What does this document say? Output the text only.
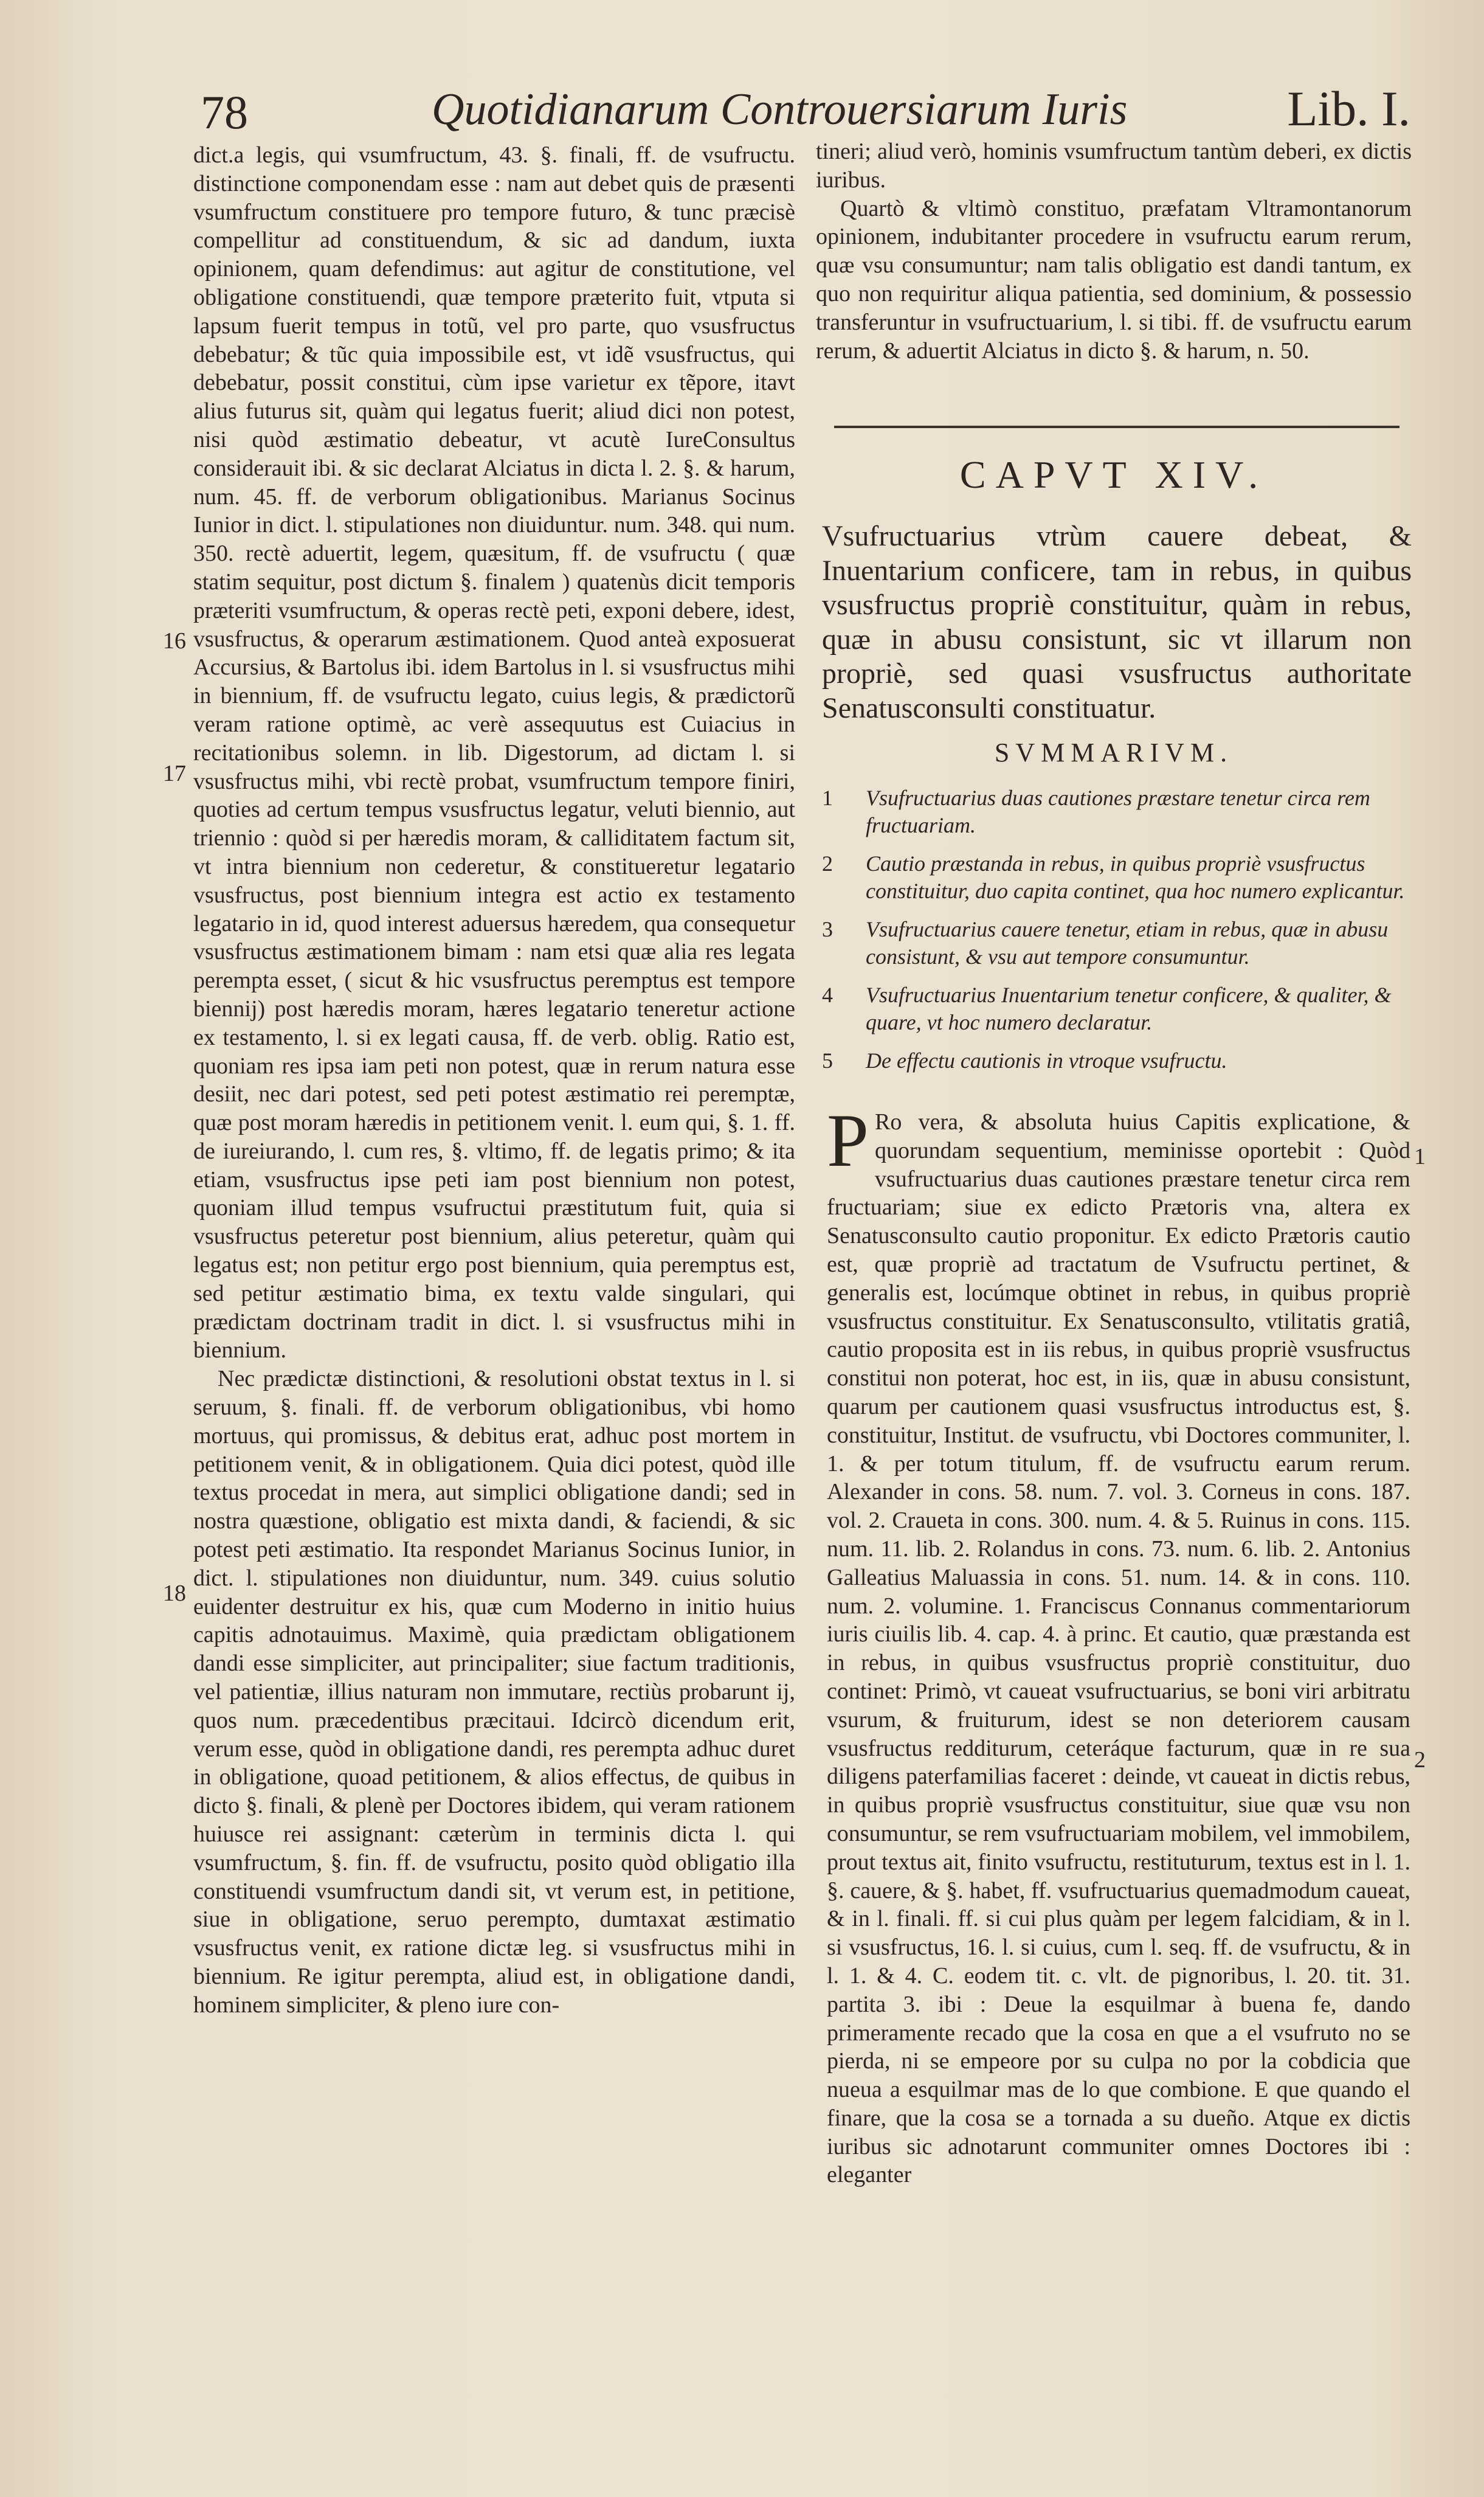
78	Quotidianarum Controuersiarum Iuris	Lib. I.

dict.a legis, qui vsumfructum, 43. §. finali, ff. de vsufructu. distinctione componendam esse : nam aut debet quis de præsenti vsumfructum constituere pro tempore futuro, & tunc præcisè compellitur ad constituendum, & sic ad dandum, iuxta opinionem, quam defendimus: aut agitur de constitutione, vel obligatione constituendi, quæ tempore præterito fuit, vtputa si lapsum fuerit tempus in totũ, vel pro parte, quo vsusfructus debebatur; & tũc quia impossibile est, vt idẽ vsusfructus, qui debebatur, possit constitui, cùm ipse varietur ex tẽpore, itavt alius futurus sit, quàm qui legatus fuerit; aliud dici non potest, nisi quòd æstimatio debeatur, vt acutè IureConsultus considerauit ibi. & sic declarat Alciatus in dicta l. 2. §. & harum, num. 45. ff. de verborum obligationibus. Marianus Socinus Iunior in dict. l. stipulationes non diuiduntur. num. 348. qui num. 350. rectè aduertit, legem, quæsitum, ff. de vsufructu ( quæ statim sequitur, post dictum §. finalem ) quatenùs dicit temporis præteriti vsumfructum, & operas rectè peti, exponi debere, idest, vsusfructus, & operarum æstimationem. Quod anteà exposuerat Accursius, & Bartolus ibi. idem Bartolus in l. si vsusfructus mihi in biennium, ff. de vsufructu legato, cuius legis, & prædictorũ veram ratione optimè, ac verè assequutus est Cuiacius in recitationibus solemn. in lib. Digestorum, ad dictam l. si vsusfructus mihi, vbi rectè probat, vsumfructum tempore finiri, quoties ad certum tempus vsusfructus legatur, veluti biennio, aut triennio : quòd si per hæredis moram, & calliditatem factum sit, vt intra biennium non cederetur, & constitueretur legatario vsusfructus, post biennium integra est actio ex testamento legatario in id, quod interest aduersus hæredem, qua consequetur vsusfructus æstimationem bimam : nam etsi quæ alia res legata perempta esset, ( sicut & hic vsusfructus peremptus est tempore biennij) post hæredis moram, hæres legatario teneretur actione ex testamento, l. si ex legati causa, ff. de verb. oblig. Ratio est, quoniam res ipsa iam peti non potest, quæ in rerum natura esse desiit, nec dari potest, sed peti potest æstimatio rei peremptæ, quæ post moram hæredis in petitionem venit. l. eum qui, §. 1. ff. de iureiurando, l. cum res, §. vltimo, ff. de legatis primo; & ita etiam, vsusfructus ipse peti iam post biennium non potest, quoniam illud tempus vsufructui præstitutum fuit, quia si vsusfructus peteretur post biennium, alius peteretur, quàm qui legatus est; non petitur ergo post biennium, quia peremptus est, sed petitur æstimatio bima, ex textu valde singulari, qui prædictam doctrinam tradit in dict. l. si vsusfructus mihi in biennium.

Nec prædictæ distinctioni, & resolutioni obstat textus in l. si seruum, §. finali. ff. de verborum obligationibus, vbi homo mortuus, qui promissus, & debitus erat, adhuc post mortem in petitionem venit, & in obligationem. Quia dici potest, quòd ille textus procedat in mera, aut simplici obligatione dandi; sed in nostra quæstione, obligatio est mixta dandi, & faciendi, & sic potest peti æstimatio. Ita respondet Marianus Socinus Iunior, in dict. l. stipulationes non diuiduntur, num. 349. cuius solutio euidenter destruitur ex his, quæ cum Moderno in initio huius capitis adnotauimus. Maximè, quia prædictam obligationem dandi esse simpliciter, aut principaliter; siue factum traditionis, vel patientiæ, illius naturam non immutare, rectiùs probarunt ij, quos num. præcedentibus præcitaui. Idcircò dicendum erit, verum esse, quòd in obligatione dandi, res perempta adhuc duret in obligatione, quoad petitionem, & alios effectus, de quibus in dicto §. finali, & plenè per Doctores ibidem, qui veram rationem huiusce rei assignant: cæterùm in terminis dicta l. qui vsumfructum, §. fin. ff. de vsufructu, posito quòd obligatio illa constituendi vsumfructum dandi sit, vt verum est, in petitione, siue in obligatione, seruo perempto, dumtaxat æstimatio vsusfructus venit, ex ratione dictæ leg. si vsusfructus mihi in biennium. Re igitur perempta, aliud est, in obligatione dandi, hominem simpliciter, & pleno iure con-

16
17
18

tineri; aliud verò, hominis vsumfructum tantùm deberi, ex dictis iuribus.

Quartò & vltimò constituo, præfatam Vltramontanorum opinionem, indubitanter procedere in vsufructu earum rerum, quæ vsu consumuntur; nam talis obligatio est dandi tantum, ex quo non requiritur aliqua patientia, sed dominium, & possessio transferuntur in vsufructuarium, l. si tibi. ff. de vsufructu earum rerum, & aduertit Alciatus in dicto §. & harum, n. 50.

CAPVT XIV.
Vsufructuarius vtrùm cauere debeat, & Inuentarium conficere, tam in rebus, in quibus vsusfructus propriè constituitur, quàm in rebus, quæ in abusu consistunt, sic vt illarum non propriè, sed quasi vsusfructus authoritate Senatusconsulti constituatur.
SVMMARIVM.
1 Vsufructuarius duas cautiones præstare tenetur circa rem fructuariam.
2 Cautio præstanda in rebus, in quibus propriè vsusfructus constituitur, duo capita continet, qua hoc numero explicantur.
3 Vsufructuarius cauere tenetur, etiam in rebus, quæ in abusu consistunt, & vsu aut tempore consumuntur.
4 Vsufructuarius Inuentarium tenetur conficere, & qualiter, & quare, vt hoc numero declaratur.
5 De effectu cautionis in vtroque vsufructu.
1
2
P Ro vera, & absoluta huius Capitis explicatione, & quorundam sequentium, meminisse oportebit : Quòd vsufructuarius duas cautiones præstare tenetur circa rem fructuariam; siue ex edicto Prætoris vna, altera ex Senatusconsulto cautio proponitur. Ex edicto Prætoris cautio est, quæ propriè ad tractatum de Vsufructu pertinet, & generalis est, locúmque obtinet in rebus, in quibus propriè vsusfructus constituitur. Ex Senatusconsulto, vtilitatis gratiâ, cautio proposita est in iis rebus, in quibus propriè vsusfructus constitui non poterat, hoc est, in iis, quæ in abusu consistunt, quarum per cautionem quasi vsusfructus introductus est, §. constituitur, Institut. de vsufructu, vbi Doctores communiter, l. 1. & per totum titulum, ff. de vsufructu earum rerum. Alexander in cons. 58. num. 7. vol. 3. Corneus in cons. 187. vol. 2. Craueta in cons. 300. num. 4. & 5. Ruinus in cons. 115. num. 11. lib. 2. Rolandus in cons. 73. num. 6. lib. 2. Antonius Galleatius Maluassia in cons. 51. num. 14. & in cons. 110. num. 2. volumine. 1. Franciscus Connanus commentariorum iuris ciuilis lib. 4. cap. 4. à princ. Et cautio, quæ præstanda est in rebus, in quibus vsusfructus propriè constituitur, duo continet: Primò, vt caueat vsufructuarius, se boni viri arbitratu vsurum, & fruiturum, idest se non deteriorem causam vsusfructus redditurum, ceteráque facturum, quæ in re sua diligens paterfamilias faceret : deinde, vt caueat in dictis rebus, in quibus propriè vsusfructus constituitur, siue quæ vsu non consumuntur, se rem vsufructuariam mobilem, vel immobilem, prout textus ait, finito vsufructu, restituturum, textus est in l. 1. §. cauere, & §. habet, ff. vsufructuarius quemadmodum caueat, & in l. finali. ff. si cui plus quàm per legem falcidiam, & in l. si vsusfructus, 16. l. si cuius, cum l. seq. ff. de vsufructu, & in l. 1. & 4. C. eodem tit. c. vlt. de pignoribus, l. 20. tit. 31. partita 3. ibi : Deue la esquilmar à buena fe, dando primeramente recado que la cosa en que a el vsufruto no se pierda, ni se empeore por su culpa no por la cobdicia que nueua a esquilmar mas de lo que combione. E que quando el finare, que la cosa se a tornada a su dueño. Atque ex dictis iuribus sic adnotarunt communiter omnes Doctores ibi : eleganter
